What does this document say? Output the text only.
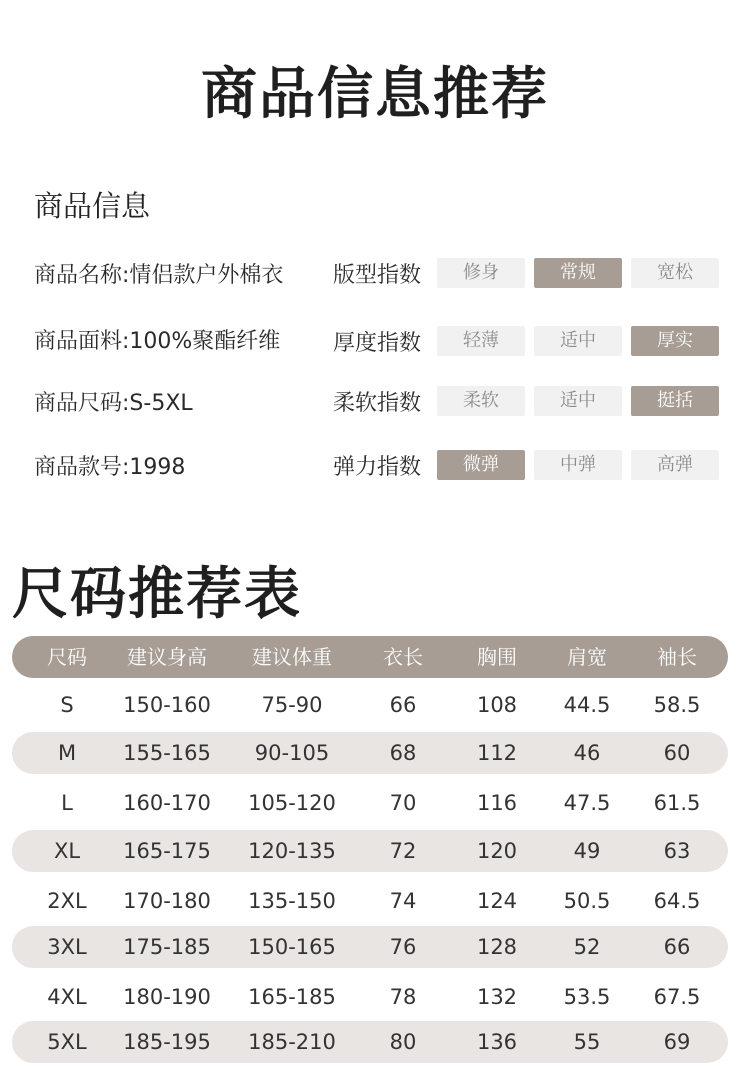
商品信息推荐
商品信息
商品名称:情侣款户外棉衣
商品面料:100%聚酯纤维
商品尺码:S-5XL
商品款号:1998
版型指数	修身	常规	宽松
厚度指数	轻薄	适中	厚实
柔软指数	柔软	适中	挺括
弹力指数	微弹	中弹	高弹
尺码推荐表
尺码	建议身高	建议体重	衣长	胸围	肩宽	袖长
S	150-160	75-90	66	108	44.5	58.5
M	155-165	90-105	68	112	46	60
L	160-170	105-120	70	116	47.5	61.5
XL	165-175	120-135	72	120	49	63
2XL	170-180	135-150	74	124	50.5	64.5
3XL	175-185	150-165	76	128	52	66
4XL	180-190	165-185	78	132	53.5	67.5
5XL	185-195	185-210	80	136	55	69
